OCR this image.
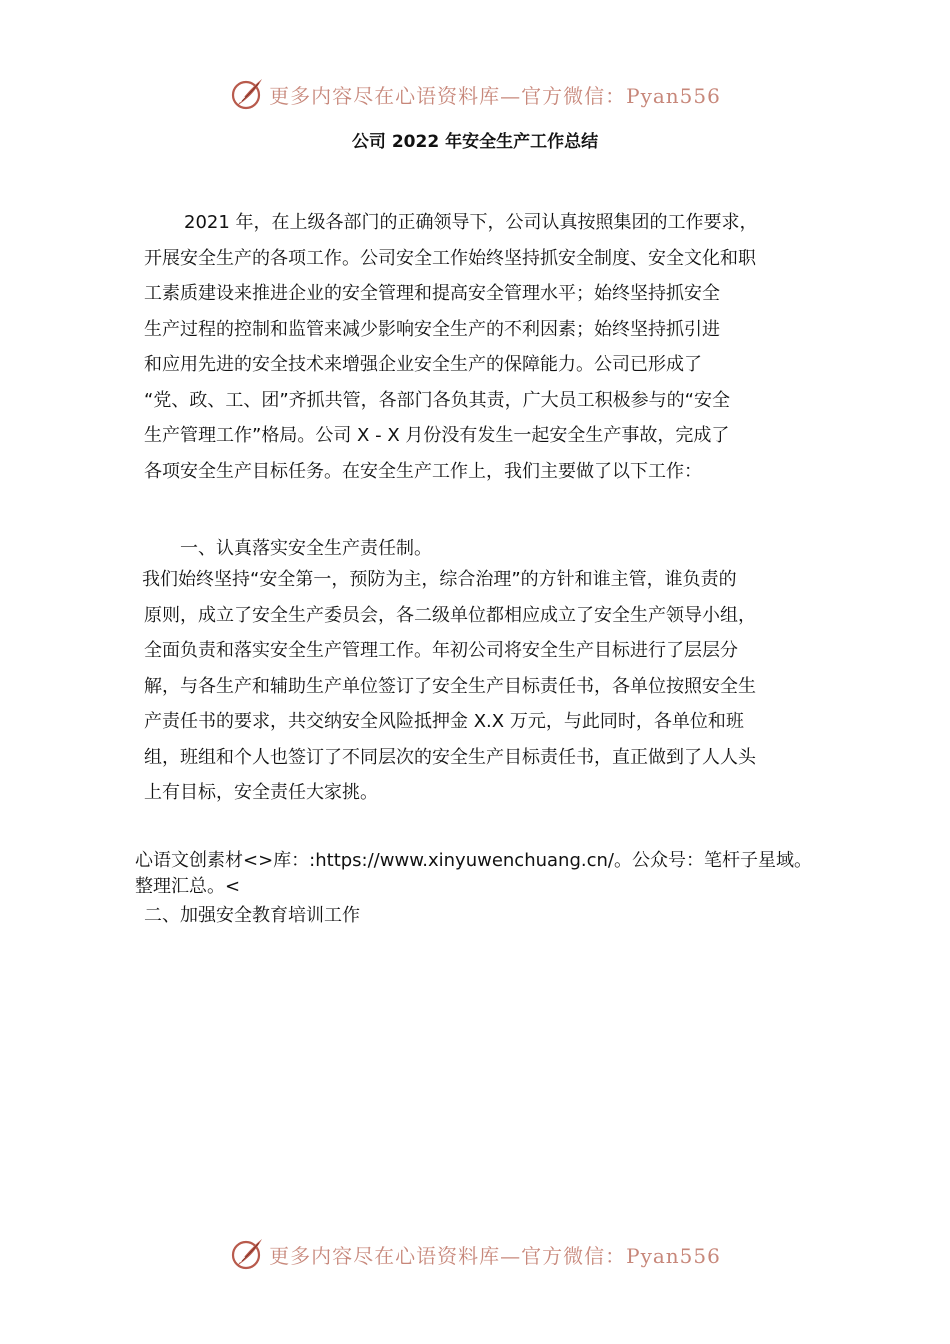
更多内容尽在心语资料库—官方微信：Pyan556
公司 2022 年安全生产工作总结
2021 年，在上级各部门的正确领导下，公司认真按照集团的工作要求，
开展安全生产的各项工作。公司安全工作始终坚持抓安全制度、安全文化和职
工素质建设来推进企业的安全管理和提高安全管理水平；始终坚持抓安全
生产过程的控制和监管来减少影响安全生产的不利因素；始终坚持抓引进
和应用先进的安全技术来增强企业安全生产的保障能力。公司已形成了
“党、政、工、团”齐抓共管，各部门各负其责，广大员工积极参与的“安全
生产管理工作”格局。公司 X - X 月份没有发生一起安全生产事故，完成了
各项安全生产目标任务。在安全生产工作上，我们主要做了以下工作：
一、认真落实安全生产责任制。
我们始终坚持“安全第一，预防为主，综合治理”的方针和谁主管，谁负责的
原则，成立了安全生产委员会，各二级单位都相应成立了安全生产领导小组，
全面负责和落实安全生产管理工作。年初公司将安全生产目标进行了层层分
解，与各生产和辅助生产单位签订了安全生产目标责任书，各单位按照安全生
产责任书的要求，共交纳安全风险抵押金 X.X 万元，与此同时，各单位和班
组，班组和个人也签订了不同层次的安全生产目标责任书，直正做到了人人头
上有目标，安全责任大家挑。
心语文创素材<>库：:https://www.xinyuwenchuang.cn/。公众号：笔杆子星域。
整理汇总。<
二、加强安全教育培训工作
更多内容尽在心语资料库—官方微信：Pyan556
